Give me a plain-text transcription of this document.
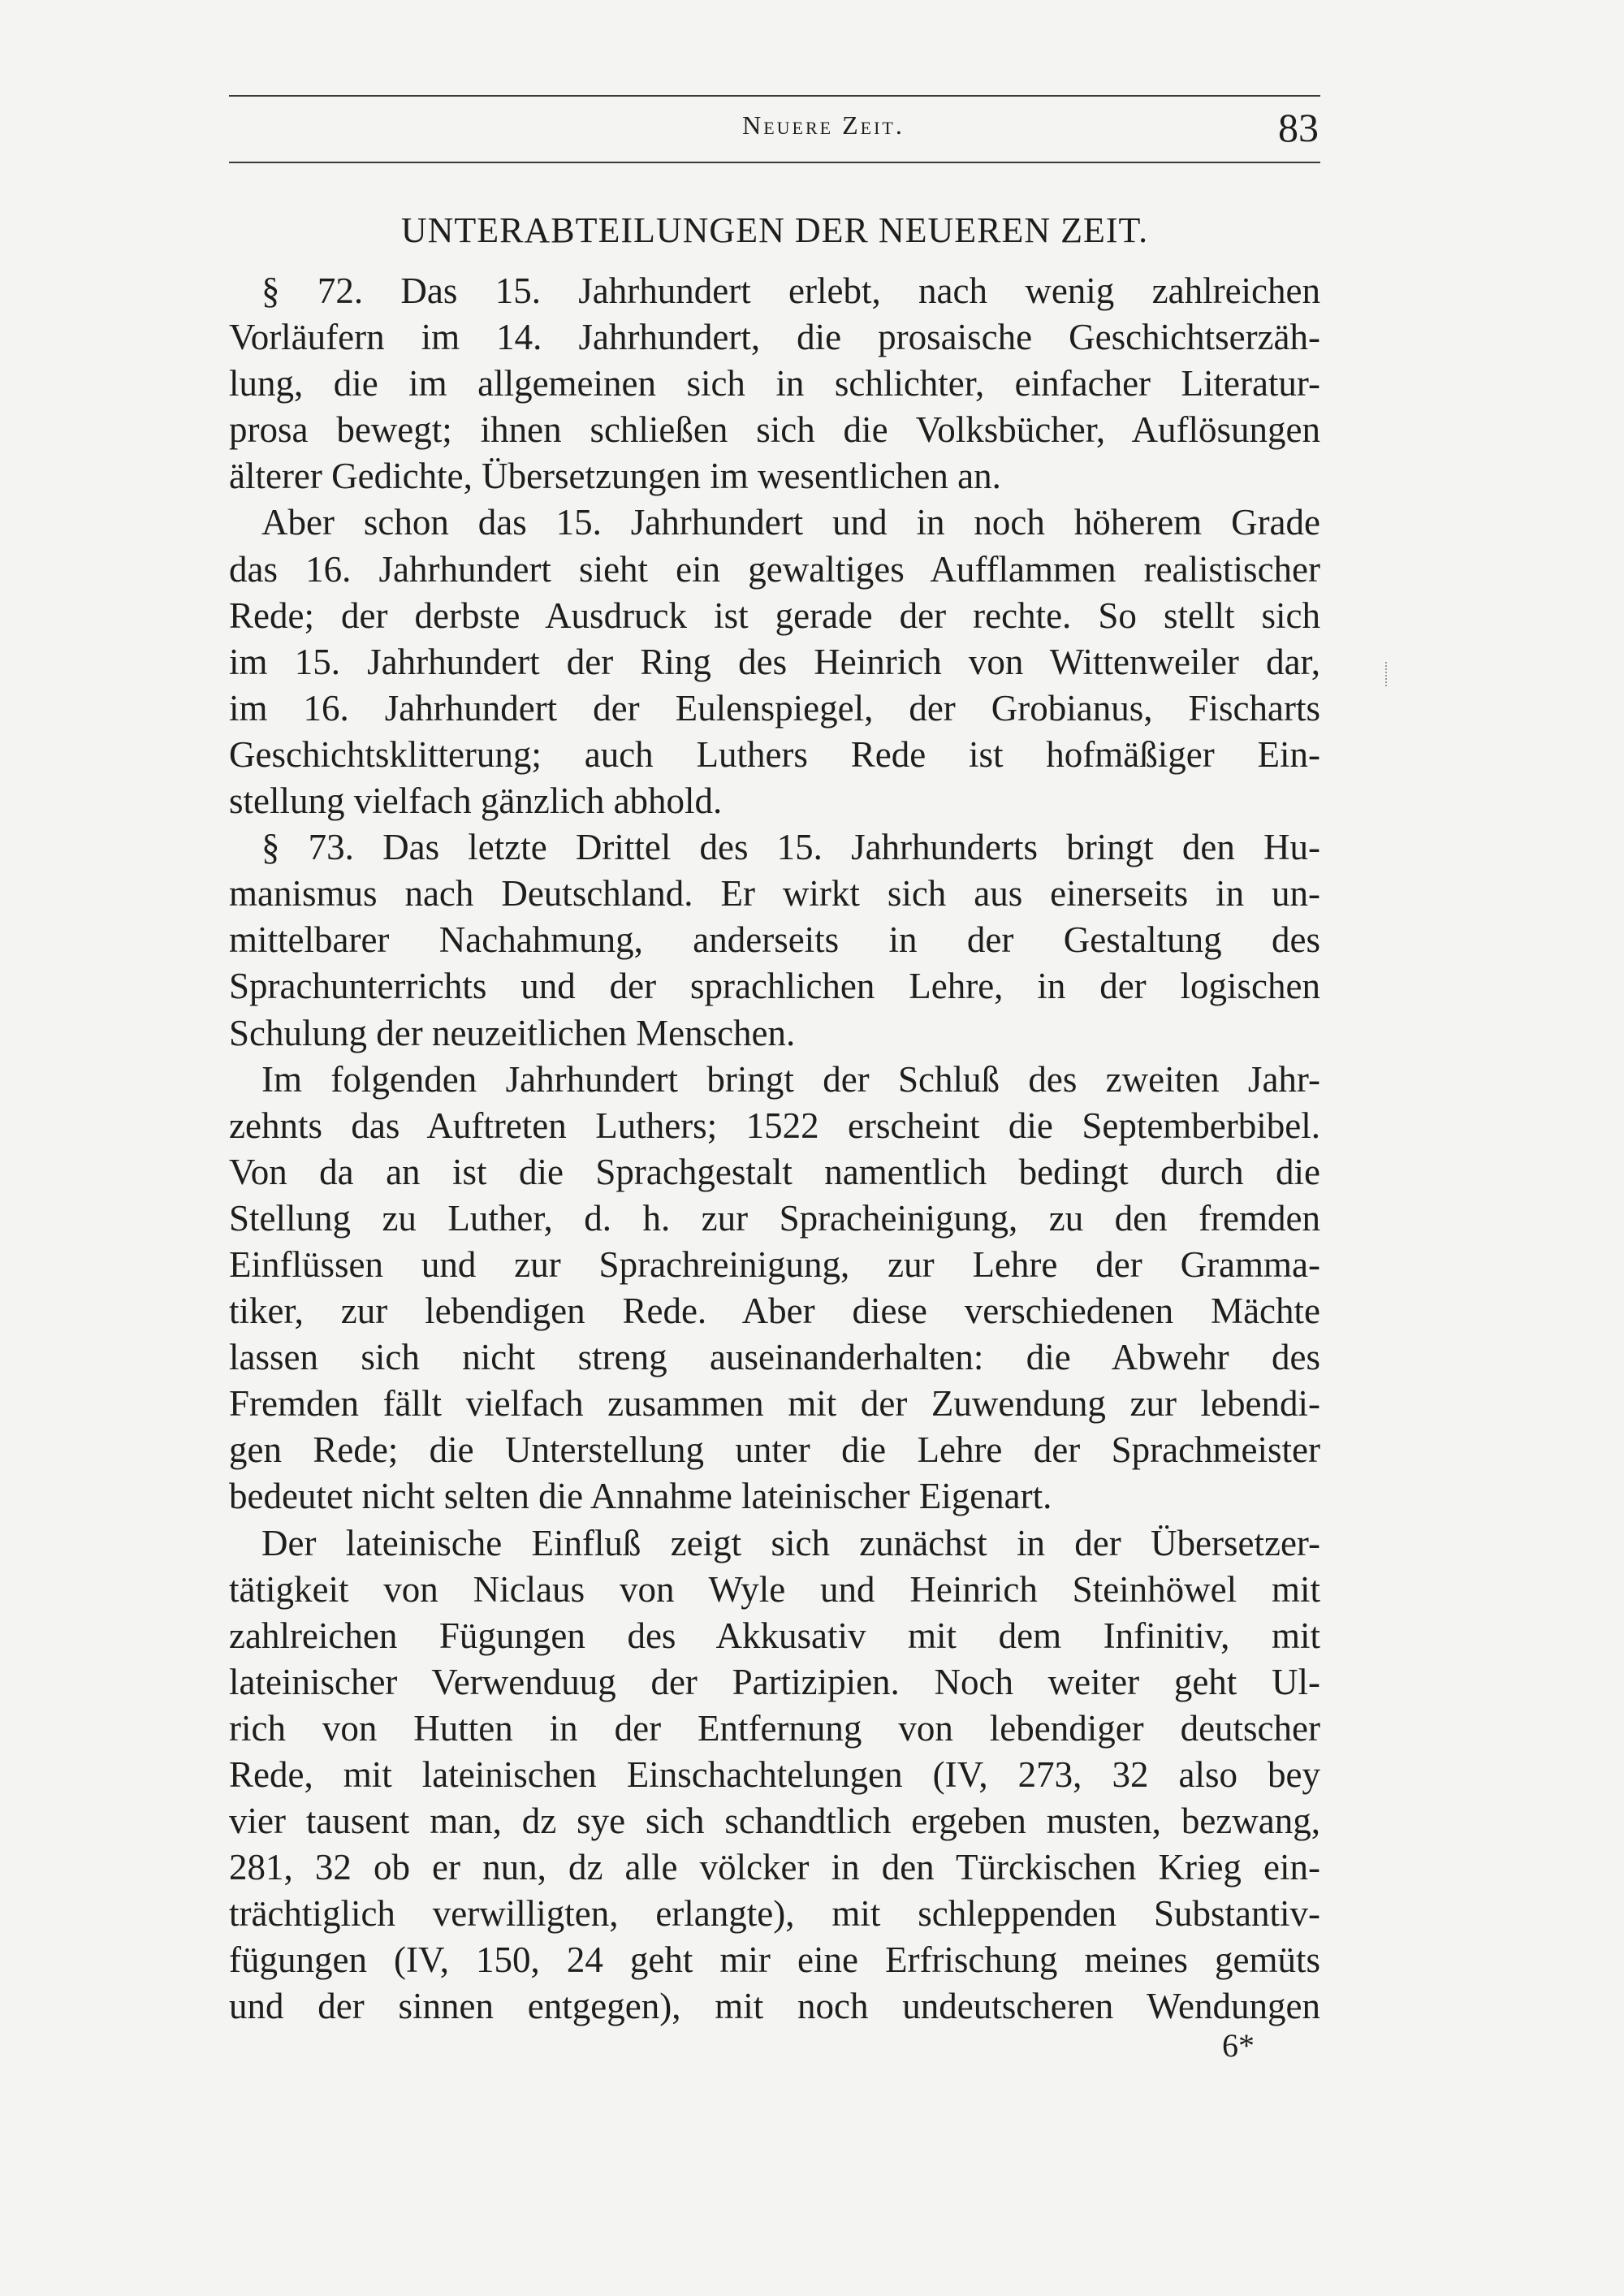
Neuere Zeit.	83
UNTERABTEILUNGEN DER NEUEREN ZEIT.
§ 72. Das 15. Jahrhundert erlebt, nach wenig zahlreichen
Vorläufern im 14. Jahrhundert, die prosaische Geschichtserzäh-
lung, die im allgemeinen sich in schlichter, einfacher Literatur-
prosa bewegt; ihnen schließen sich die Volksbücher, Auflösungen
älterer Gedichte, Übersetzungen im wesentlichen an.
Aber schon das 15. Jahrhundert und in noch höherem Grade
das 16. Jahrhundert sieht ein gewaltiges Aufflammen realistischer
Rede; der derbste Ausdruck ist gerade der rechte. So stellt sich
im 15. Jahrhundert der Ring des Heinrich von Wittenweiler dar,
im 16. Jahrhundert der Eulenspiegel, der Grobianus, Fischarts
Geschichtsklitterung; auch Luthers Rede ist hofmäßiger Ein-
stellung vielfach gänzlich abhold.
§ 73. Das letzte Drittel des 15. Jahrhunderts bringt den Hu-
manismus nach Deutschland. Er wirkt sich aus einerseits in un-
mittelbarer Nachahmung, anderseits in der Gestaltung des
Sprachunterrichts und der sprachlichen Lehre, in der logischen
Schulung der neuzeitlichen Menschen.
Im folgenden Jahrhundert bringt der Schluß des zweiten Jahr-
zehnts das Auftreten Luthers; 1522 erscheint die Septemberbibel.
Von da an ist die Sprachgestalt namentlich bedingt durch die
Stellung zu Luther, d. h. zur Spracheinigung, zu den fremden
Einflüssen und zur Sprachreinigung, zur Lehre der Gramma-
tiker, zur lebendigen Rede. Aber diese verschiedenen Mächte
lassen sich nicht streng auseinanderhalten: die Abwehr des
Fremden fällt vielfach zusammen mit der Zuwendung zur lebendi-
gen Rede; die Unterstellung unter die Lehre der Sprachmeister
bedeutet nicht selten die Annahme lateinischer Eigenart.
Der lateinische Einfluß zeigt sich zunächst in der Übersetzer-
tätigkeit von Niclaus von Wyle und Heinrich Steinhöwel mit
zahlreichen Fügungen des Akkusativ mit dem Infinitiv, mit
lateinischer Verwenduug der Partizipien. Noch weiter geht Ul-
rich von Hutten in der Entfernung von lebendiger deutscher
Rede, mit lateinischen Einschachtelungen (IV, 273, 32 also bey
vier tausent man, dz sye sich schandtlich ergeben musten, bezwang,
281, 32 ob er nun, dz alle völcker in den Türckischen Krieg ein-
trächtiglich verwilligten, erlangte), mit schleppenden Substantiv-
fügungen (IV, 150, 24 geht mir eine Erfrischung meines gemüts
und der sinnen entgegen), mit noch undeutscheren Wendungen
6*
